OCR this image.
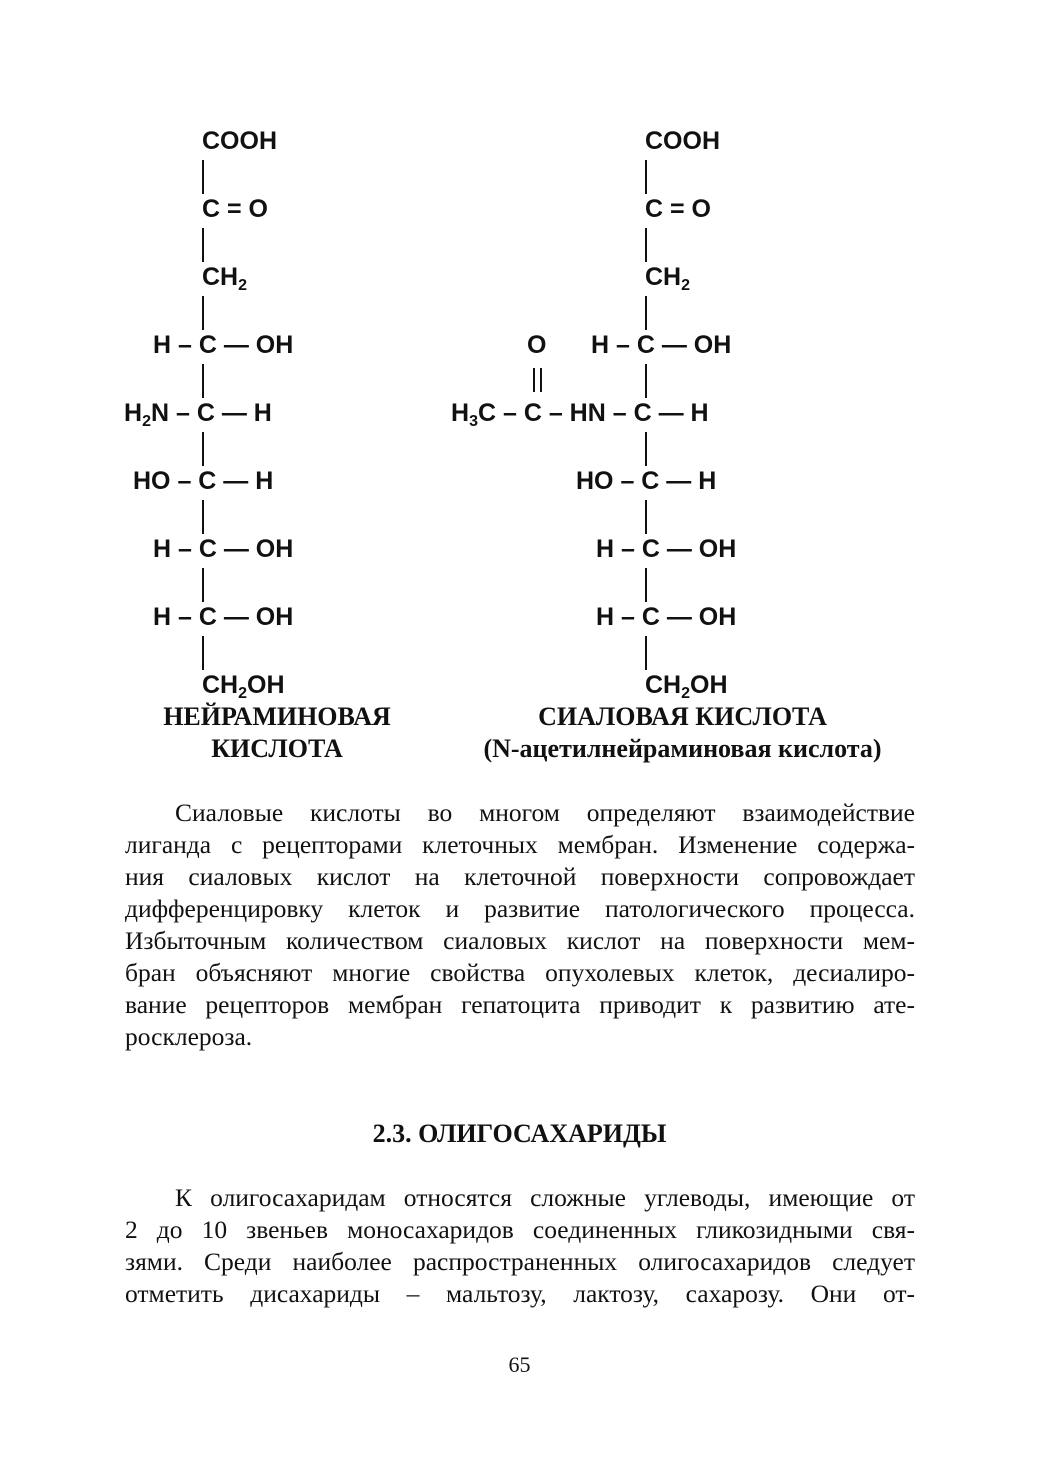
COOH
C = O
$CH_2$
H – C — OH
$H_2N$ – C — H
HO – C — H
H – C — OH
H – C — OH
$CH_2OH$
НЕЙРАМИНОВАЯ
КИСЛОТА
COOH
C = O
$CH_2$
O H – C — OH
$H_3C$ – C – HN – C — H
HO – C — H
H – C — OH
H – C — OH
$CH_2OH$
СИАЛОВАЯ КИСЛОТА
(N-ацетилнейраминовая кислота)
Сиаловые кислоты во многом определяют взаимодействие
лиганда с рецепторами клеточных мембран. Изменение содержа-
ния сиаловых кислот на клеточной поверхности сопровождает
дифференцировку клеток и развитие патологического процесса.
Избыточным количеством сиаловых кислот на поверхности мем-
бран объясняют многие свойства опухолевых клеток, десиалиро-
вание рецепторов мембран гепатоцита приводит к развитию ате-
росклероза.
2.3. ОЛИГОСАХАРИДЫ
К олигосахаридам относятся сложные углеводы, имеющие от
2 до 10 звеньев моносахаридов соединенных гликозидными свя-
зями. Среди наиболее распространенных олигосахаридов следует
отметить дисахариды – мальтозу, лактозу, сахарозу. Они от-
65
